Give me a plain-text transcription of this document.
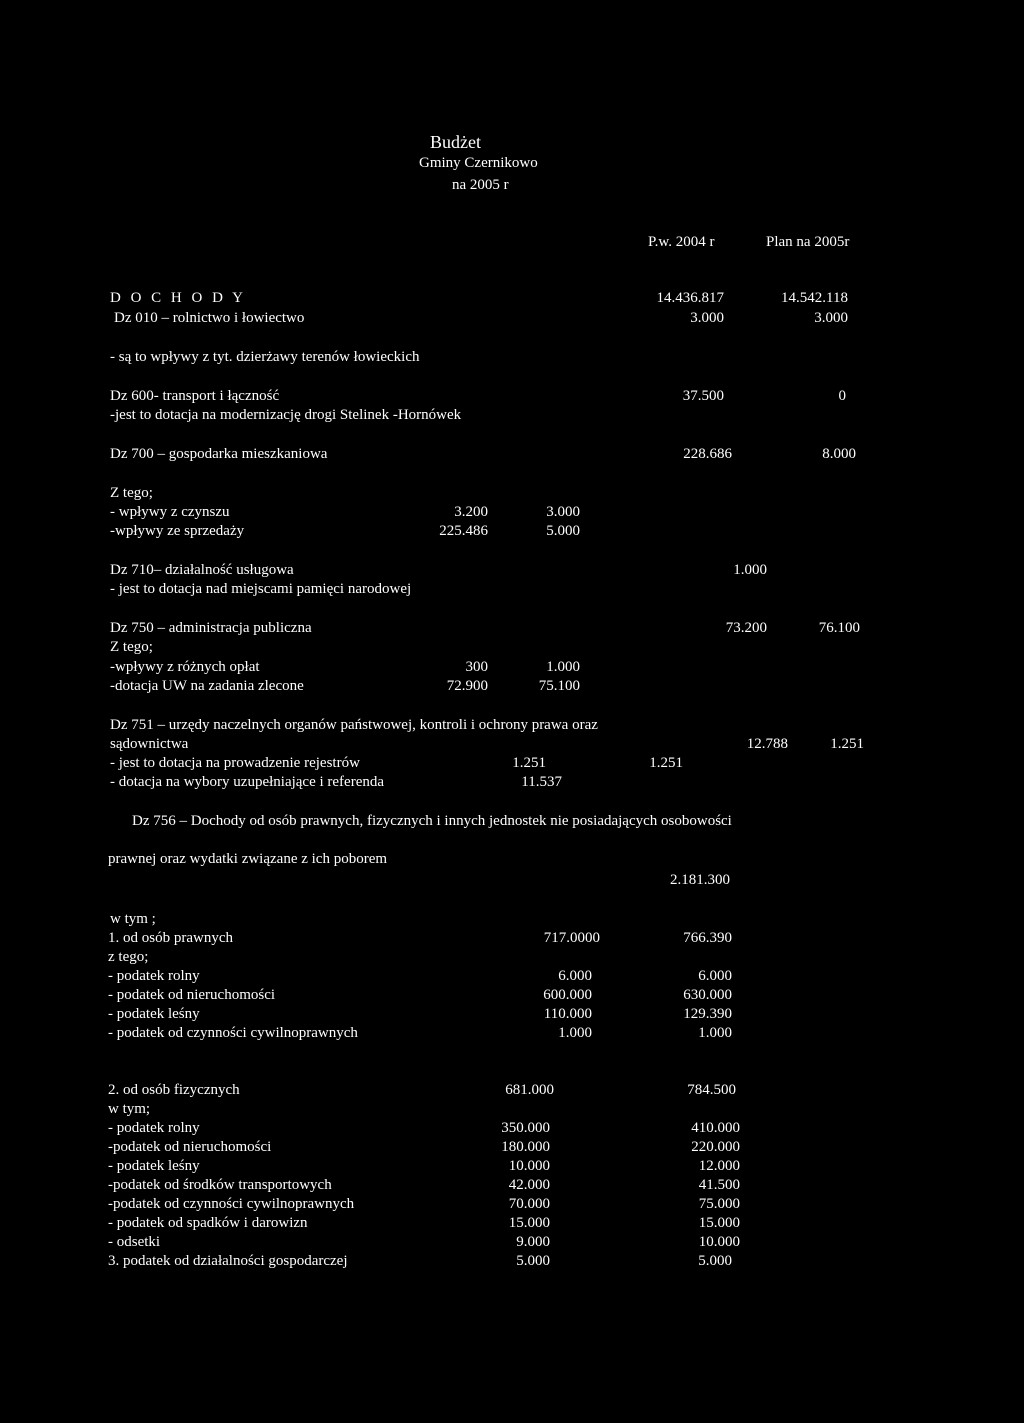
Budżet
Gminy Czernikowo
na 2005 r
P.w. 2004 r	Plan na 2005r
D O C H O D Y	14.436.817	14.542.118
Dz 010 – rolnictwo i łowiectwo	3.000	3.000
- są to wpływy z tyt. dzierżawy terenów łowieckich
Dz 600- transport i łączność	37.500	0
-jest to dotacja na modernizację drogi Stelinek -Hornówek
Dz 700 – gospodarka mieszkaniowa	228.686	8.000
Z tego;
- wpływy z czynszu	3.200	3.000
-wpływy ze sprzedaży	225.486	5.000
Dz 710– działalność usługowa	1.000
- jest to dotacja nad miejscami pamięci narodowej
Dz 750 – administracja publiczna	73.200	76.100
Z tego;
-wpływy z różnych opłat	300	1.000
-dotacja UW na zadania zlecone	72.900	75.100
Dz 751 – urzędy naczelnych organów państwowej, kontroli i ochrony prawa oraz
sądownictwa	12.788	1.251
- jest to dotacja na prowadzenie rejestrów	1.251	1.251
- dotacja na wybory uzupełniające i referenda	11.537
Dz 756 – Dochody od osób prawnych, fizycznych i innych jednostek nie posiadających osobowości
prawnej oraz wydatki związane z ich poborem
2.181.300
w tym ;
1. od osób prawnych	717.0000	766.390
z tego;
- podatek rolny	6.000	6.000
- podatek od nieruchomości	600.000	630.000
- podatek leśny	110.000	129.390
- podatek od czynności cywilnoprawnych	1.000	1.000
2. od osób fizycznych	681.000	784.500
w tym;
- podatek rolny	350.000	410.000
-podatek od nieruchomości	180.000	220.000
- podatek leśny	10.000	12.000
-podatek od środków transportowych	42.000	41.500
-podatek od czynności cywilnoprawnych	70.000	75.000
- podatek od spadków i darowizn	15.000	15.000
- odsetki	9.000	10.000
3. podatek od działalności gospodarczej	5.000	5.000
